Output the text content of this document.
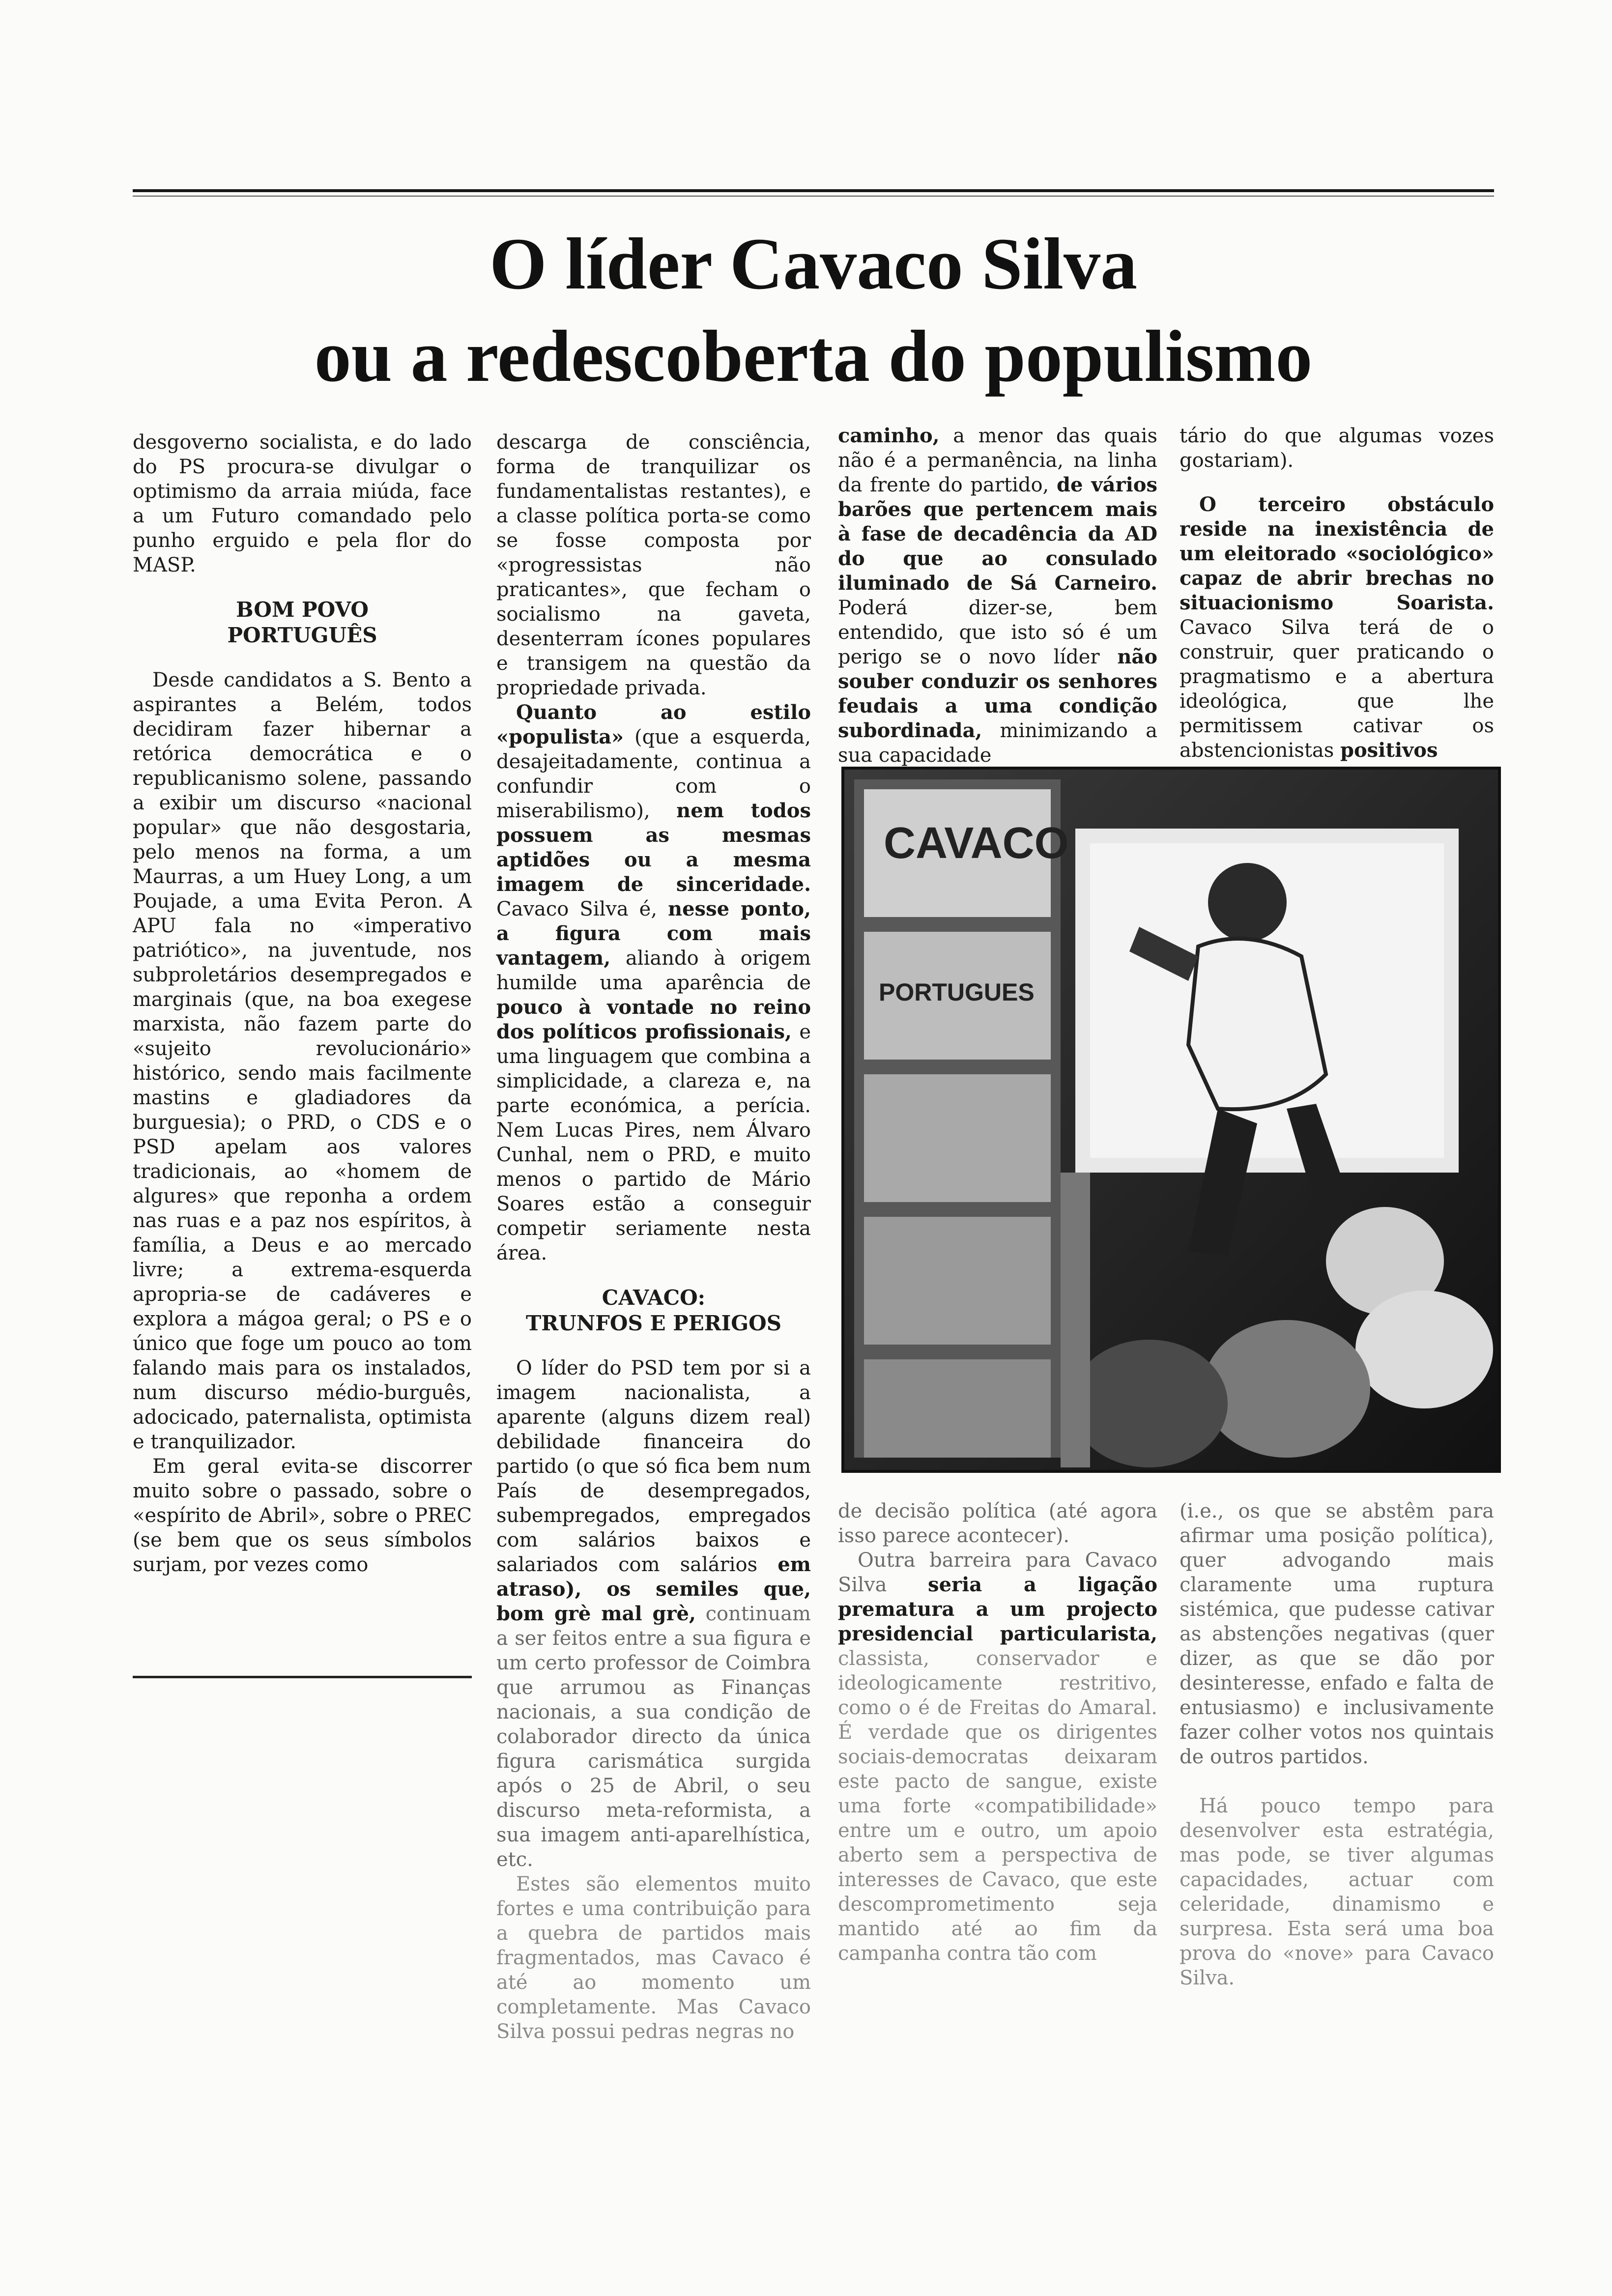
O líder Cavaco Silva
ou a redescoberta do populismo

desgoverno socialista, e do lado do PS procura-se divulgar o optimismo da arraia miúda, face a um Futuro comandado pelo punho erguido e pela flor do MASP.

BOM POVO
PORTUGUÊS

Desde candidatos a S. Bento a aspirantes a Belém, todos decidiram fazer hibernar a retórica democrática e o republicanismo solene, passando a exibir um discurso «nacional popular» que não desgostaria, pelo menos na forma, a um Maurras, a um Huey Long, a um Poujade, a uma Evita Peron. A APU fala no «imperativo patriótico», na juventude, nos subproletários desempregados e marginais (que, na boa exegese marxista, não fazem parte do «sujeito revolucionário» histórico, sendo mais facilmente mastins e gladiadores da burguesia); o PRD, o CDS e o PSD apelam aos valores tradicionais, ao «homem de algures» que reponha a ordem nas ruas e a paz nos espíritos, à família, a Deus e ao mercado livre; a extrema-esquerda apropria-se de cadáveres e explora a mágoa geral; o PS e o único que foge um pouco ao tom falando mais para os instalados, num discurso médio-burguês, adocicado, paternalista, optimista e tranquilizador.

Em geral evita-se discorrer muito sobre o passado, sobre o «espírito de Abril», sobre o PREC (se bem que os seus símbolos surjam, por vezes como

descarga de consciência, forma de tranquilizar os fundamentalistas restantes), e a classe política porta-se como se fosse composta por «progressistas não praticantes», que fecham o socialismo na gaveta, desenterram ícones populares e transigem na questão da propriedade privada.

Quanto ao estilo «populista» (que a esquerda, desajeitadamente, continua a confundir com o miserabilismo), nem todos possuem as mesmas aptidões ou a mesma imagem de sinceridade. Cavaco Silva é, nesse ponto, a figura com mais vantagem, aliando à origem humilde uma aparência de pouco à vontade no reino dos políticos profissionais, e uma linguagem que combina a simplicidade, a clareza e, na parte económica, a perícia. Nem Lucas Pires, nem Álvaro Cunhal, nem o PRD, e muito menos o partido de Mário Soares estão a conseguir competir seriamente nesta área.

CAVACO:
TRUNFOS E PERIGOS

O líder do PSD tem por si a imagem nacionalista, a aparente (alguns dizem real) debilidade financeira do partido (o que só fica bem num País de desempregados, subempregados, empregados com salários baixos e salariados com salários em atraso), os semiles que, bom grè mal grè, continuam a ser feitos entre a sua figura e um certo professor de Coimbra que arrumou as Finanças nacionais, a sua condição de colaborador directo da única figura carismática surgida após o 25 de Abril, o seu discurso meta-reformista, a sua imagem anti-aparelhística, etc.

Estes são elementos muito fortes e uma contribuição para a quebra de partidos mais fragmentados, mas Cavaco é até ao momento um completamente. Mas Cavaco Silva possui pedras negras no

caminho, a menor das quais não é a permanência, na linha da frente do partido, de vários barões que pertencem mais à fase de decadência da AD do que ao consulado iluminado de Sá Carneiro. Poderá dizer-se, bem entendido, que isto só é um perigo se o novo líder não souber conduzir os senhores feudais a uma condição subordinada, minimizando a sua capacidade

tário do que algumas vozes gostariam).

O terceiro obstáculo reside na inexistência de um eleitorado «sociológico» capaz de abrir brechas no situacionismo Soarista. Cavaco Silva terá de o construir, quer praticando o pragmatismo e a abertura ideológica, que lhe permitissem cativar os abstencionistas positivos

CAVACO
PORTUGUES

de decisão política (até agora isso parece acontecer).

Outra barreira para Cavaco Silva seria a ligação prematura a um projecto presidencial particularista, classista, conservador e ideologicamente restritivo, como o é de Freitas do Amaral. É verdade que os dirigentes sociais-democratas deixaram este pacto de sangue, existe uma forte «compatibilidade» entre um e outro, um apoio aberto sem a perspectiva de interesses de Cavaco, que este descomprometimento seja mantido até ao fim da campanha contra tão com

(i.e., os que se abstêm para afirmar uma posição política), quer advogando mais claramente uma ruptura sistémica, que pudesse cativar as abstenções negativas (quer dizer, as que se dão por desinteresse, enfado e falta de entusiasmo) e inclusivamente fazer colher votos nos quintais de outros partidos.

Há pouco tempo para desenvolver esta estratégia, mas pode, se tiver algumas capacidades, actuar com celeridade, dinamismo e surpresa. Esta será uma boa prova do «nove» para Cavaco Silva.
